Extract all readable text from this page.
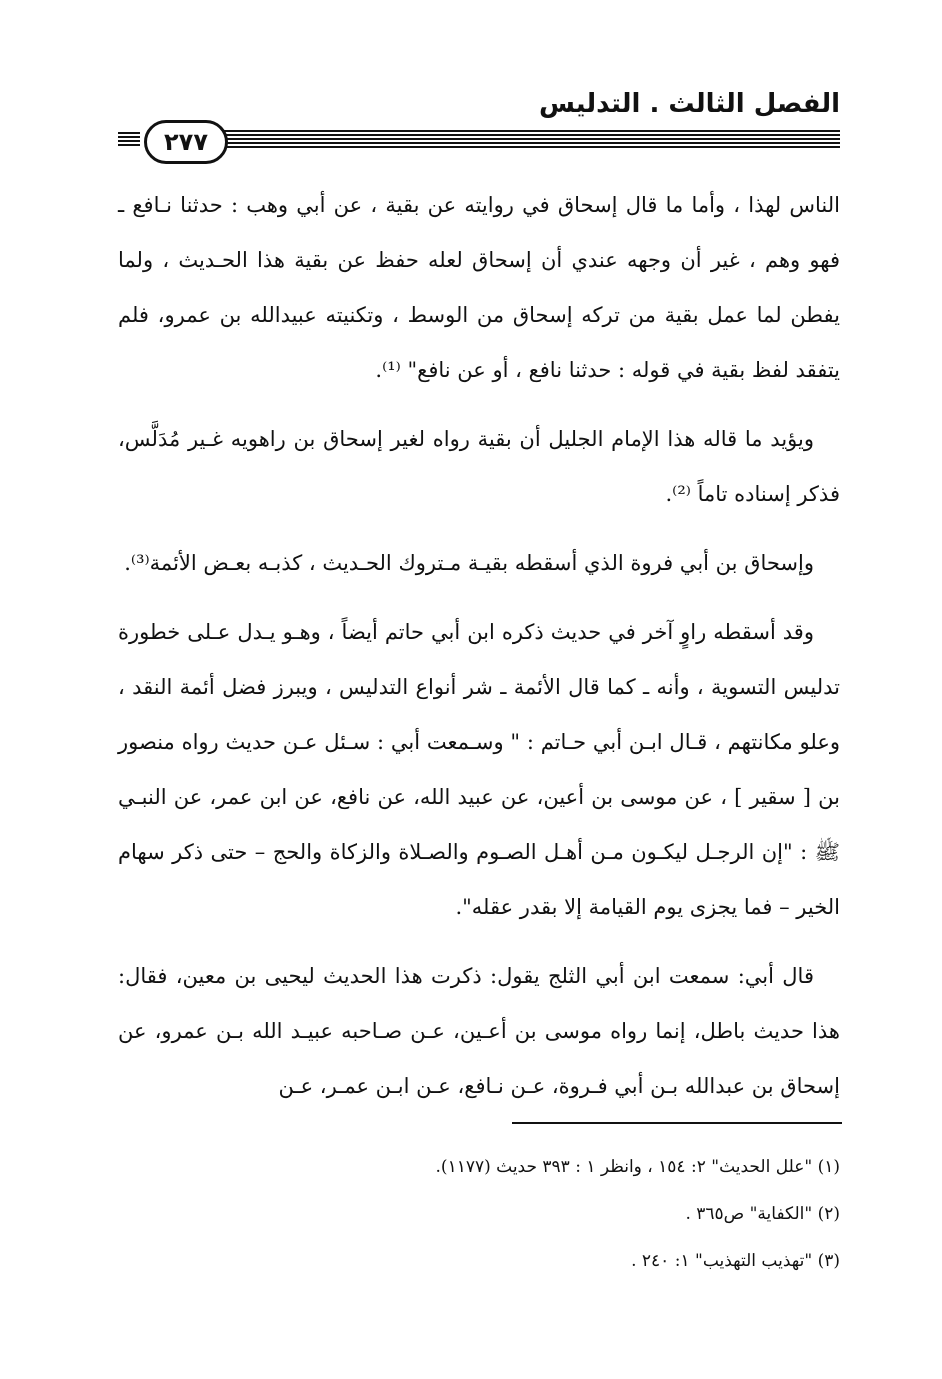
الفصل الثالث . التدليس
٢٧٧

الناس لهذا ، وأما ما قال إسحاق في روايته عن بقية ، عن أبي وهب : حدثنا نـافع ـ فهو وهم ، غير أن وجهه عندي أن إسحاق لعله حفظ عن بقية هذا الحـديث ، ولما يفطن لما عمل بقية من تركه إسحاق من الوسط ، وتكنيته عبيدالله بن عمرو، فلم يتفقد لفظ بقية في قوله : حدثنا نافع ، أو عن نافع" ⁽¹⁾.

ويؤيد ما قاله هذا الإمام الجليل أن بقية رواه لغير إسحاق بن راهويه غـير مُدَلَّس، فذكر إسناده تاماً ⁽²⁾.

وإسحاق بن أبي فروة الذي أسقطه بقيـة مـتروك الحـديث ، كذبـه بعـض الأئمة⁽³⁾.

وقد أسقطه راوٍ آخر في حديث ذكره ابن أبي حاتم أيضاً ، وهـو يـدل عـلى خطورة تدليس التسوية ، وأنه ـ كما قال الأئمة ـ شر أنواع التدليس ، ويبرز فضل أئمة النقد ، وعلو مكانتهم ، قـال ابـن أبي حـاتم : " وسـمعت أبي : سـئل عـن حديث رواه منصور بن [ سقير ] ، عن موسى بن أعين، عن عبيد الله، عن نافع، عن ابن عمر، عن النبـي ﷺ : "إن الرجـل ليكـون مـن أهـل الصـوم والصـلاة والزكاة والحج – حتى ذكر سهام الخير – فما يجزى يوم القيامة إلا بقدر عقله".

قال أبي: سمعت ابن أبي الثلج يقول: ذكرت هذا الحديث ليحيى بن معين، فقال: هذا حديث باطل، إنما رواه موسى بن أعـين، عـن صـاحبه عبيـد الله بـن عمرو، عن إسحاق بن عبدالله بـن أبي فـروة، عـن نـافع، عـن ابـن عمـر، عـن

(١) "علل الحديث" ٢: ١٥٤ ، وانظر ١ : ٣٩٣ حديث (١١٧٧).
(٢) "الكفاية" ص٣٦٥ .
(٣) "تهذيب التهذيب" ١: ٢٤٠ .
